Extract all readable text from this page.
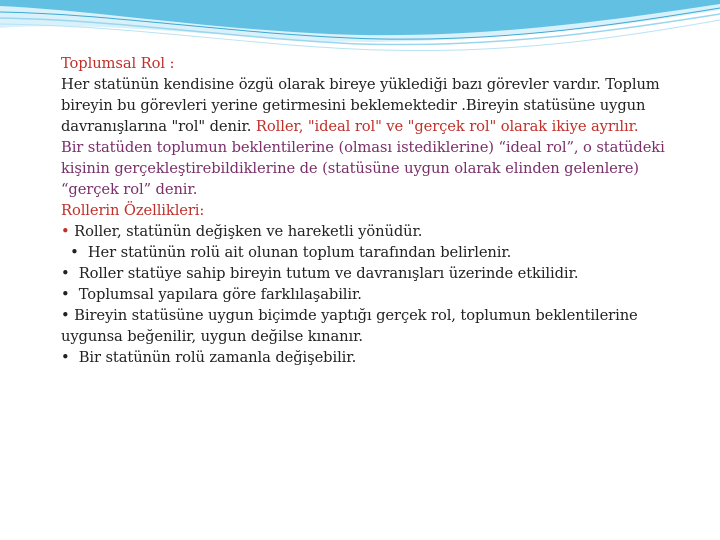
Toplumsal Rol :

Her statünün kendisine özgü olarak bireye yüklediği bazı görevler vardır. Toplum bireyin bu görevleri yerine getirmesini beklemektedir .Bireyin statüsüne uygun davranışlarına "rol" denir. Roller, "ideal rol" ve "gerçek rol" olarak ikiye ayrılır.

Bir statüden toplumun beklentilerine (olması istediklerine) “ideal rol”, o statüdeki kişinin gerçekleştirebildiklerine de (statüsüne uygun olarak elinden gelenlere) “gerçek rol” denir.

Rollerin Özellikleri:

• Roller, statünün değişken ve hareketli yönüdür.

•  Her statünün rolü ait olunan toplum tarafından belirlenir.

•  Roller statüye sahip bireyin tutum ve davranışları üzerinde etkilidir.

•  Toplumsal yapılara göre farklılaşabilir.

• Bireyin statüsüne uygun biçimde yaptığı gerçek rol, toplumun beklentilerine uygunsa beğenilir, uygun değilse kınanır.

•  Bir statünün rolü zamanla değişebilir.
